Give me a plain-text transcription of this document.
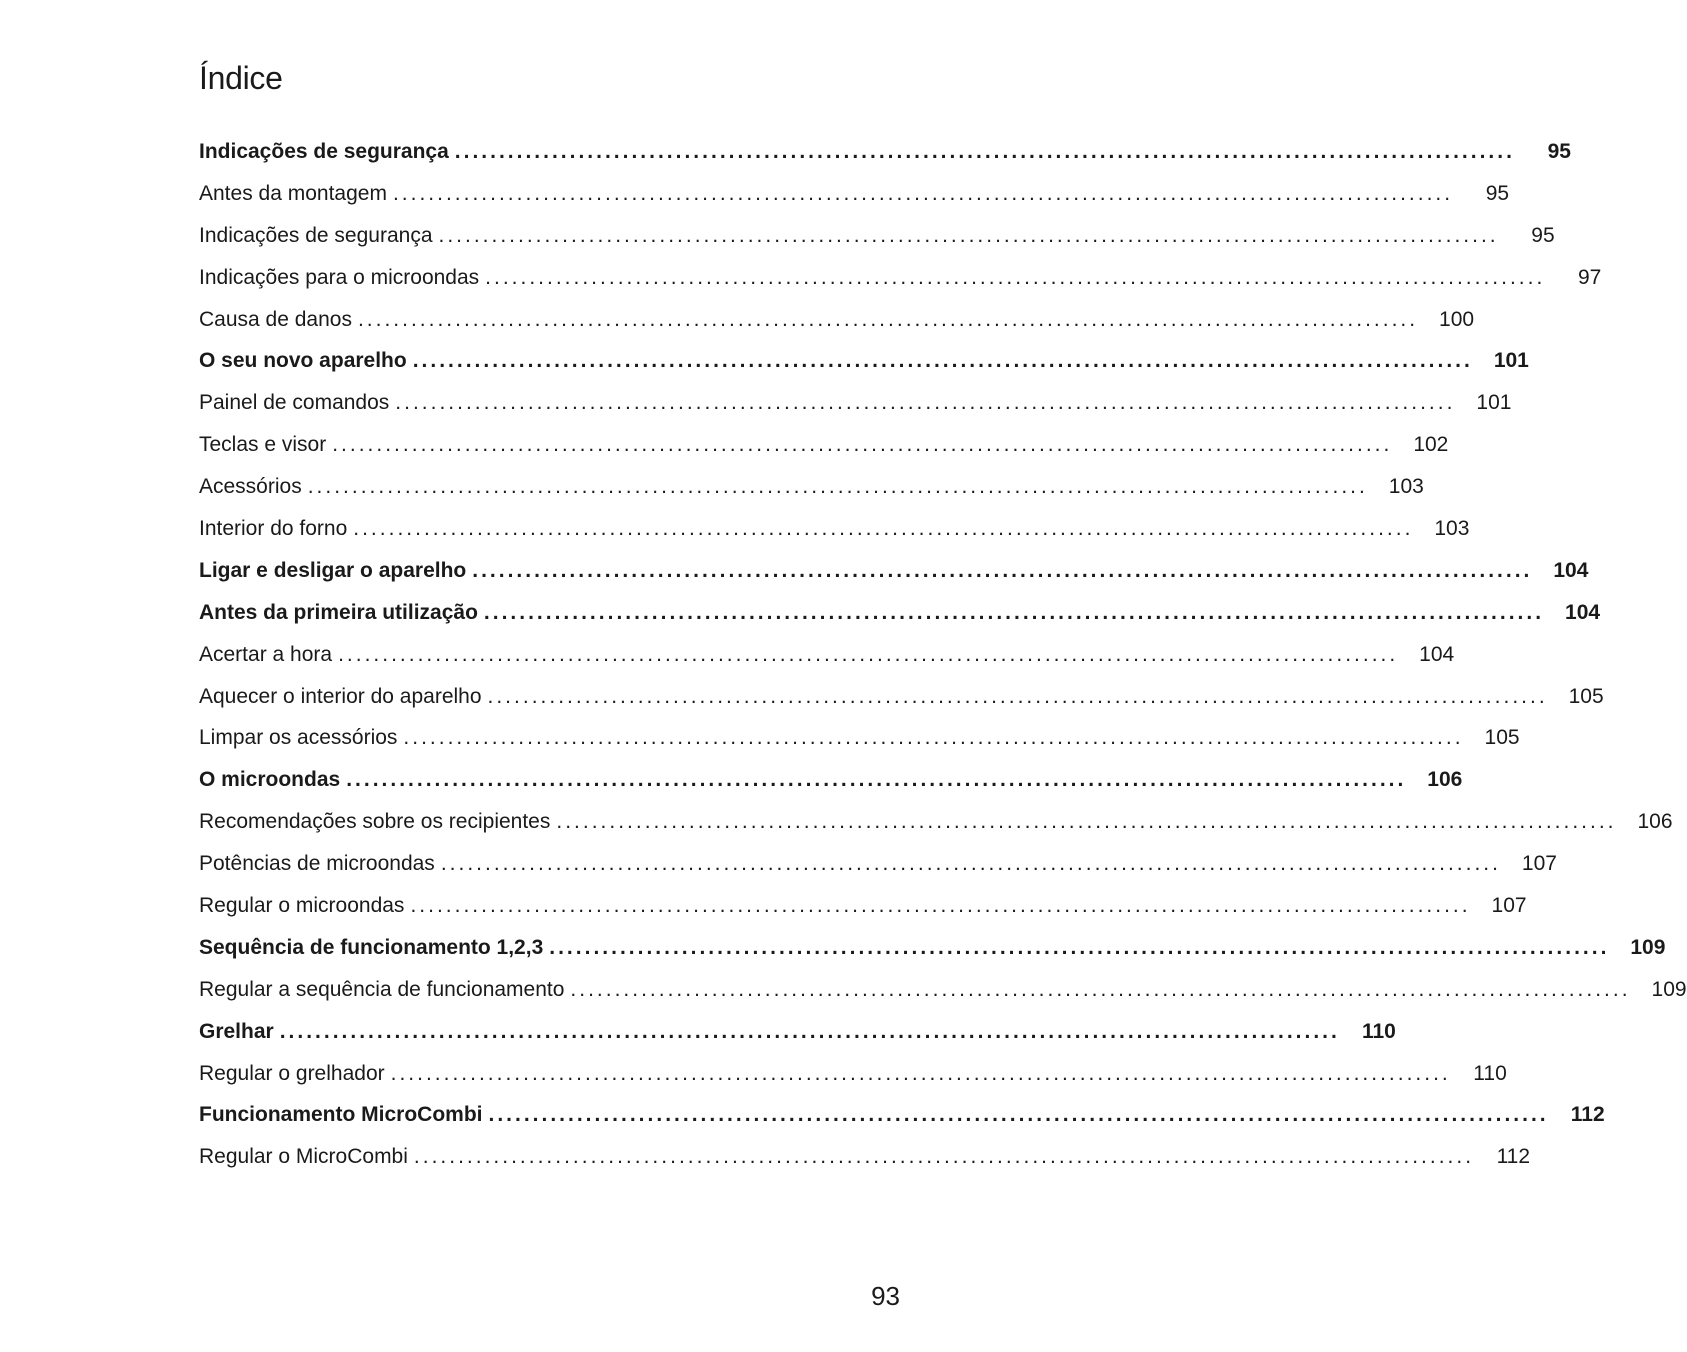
Índice
Indicações de segurança ........................................................................................................................	95
Antes da montagem ........................................................................................................................	95
Indicações de segurança ........................................................................................................................	95
Indicações para o microondas ........................................................................................................................	97
Causa de danos ........................................................................................................................ 100
O seu novo aparelho ........................................................................................................................ 101
Painel de comandos ........................................................................................................................ 101
Teclas e visor ........................................................................................................................ 102
Acessórios ........................................................................................................................ 103
Interior do forno ........................................................................................................................ 103
Ligar e desligar o aparelho ........................................................................................................................ 104
Antes da primeira utilização ........................................................................................................................ 104
Acertar a hora ........................................................................................................................ 104
Aquecer o interior do aparelho ........................................................................................................................ 105
Limpar os acessórios ........................................................................................................................ 105
O microondas ........................................................................................................................ 106
Recomendações sobre os recipientes ........................................................................................................................ 106
Potências de microondas ........................................................................................................................ 107
Regular o microondas ........................................................................................................................ 107
Sequência de funcionamento 1,2,3 ........................................................................................................................ 109
Regular a sequência de funcionamento ........................................................................................................................ 109
Grelhar ........................................................................................................................	110
Regular o grelhador ........................................................................................................................	110
Funcionamento MicroCombi ........................................................................................................................	112
Regular o MicroCombi ........................................................................................................................	112
93
